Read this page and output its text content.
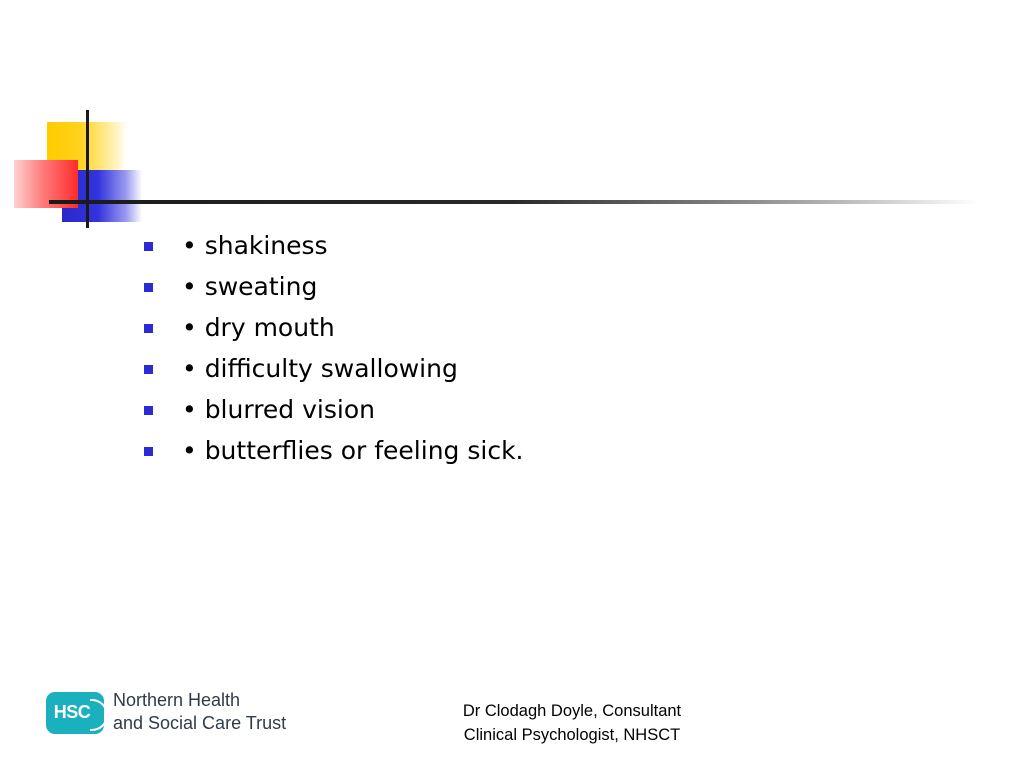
• shakiness
• sweating
• dry mouth
• difficulty swallowing
• blurred vision
• butterflies or feeling sick.
HSC
Northern Health
and Social Care Trust
Dr Clodagh Doyle, Consultant
Clinical Psychologist, NHSCT
